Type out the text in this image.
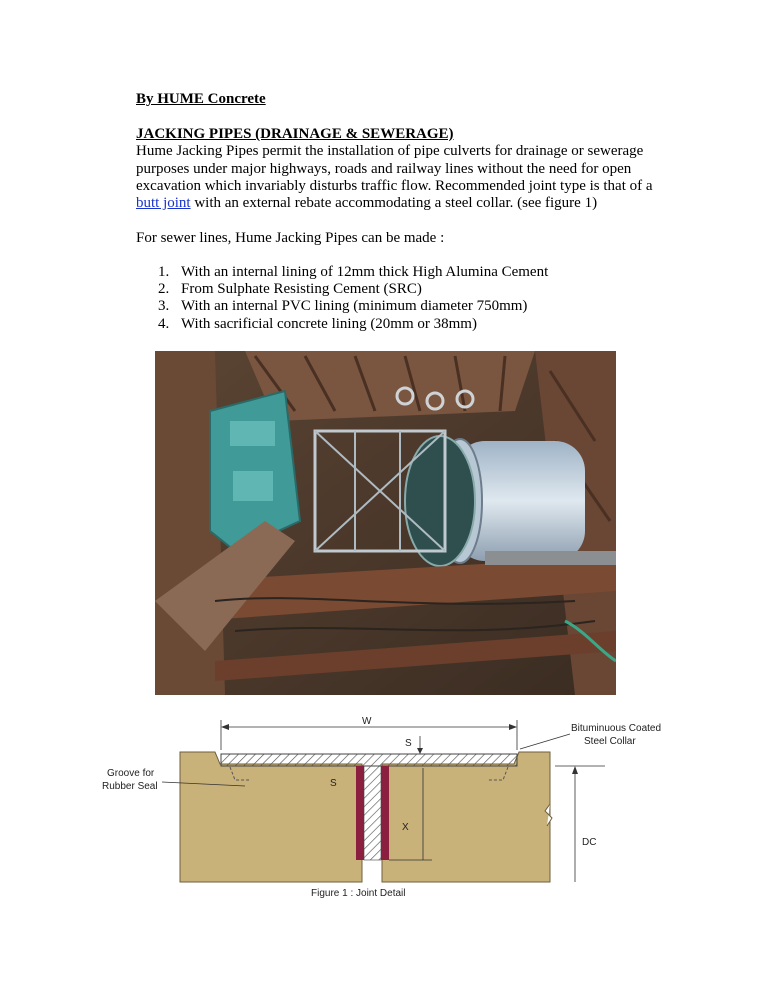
By HUME Concrete
JACKING PIPES (DRAINAGE & SEWERAGE)
Hume Jacking Pipes permit the installation of pipe culverts for drainage or sewerage
purposes under major highways, roads and railway lines without the need for open
excavation which invariably disturbs traffic flow. Recommended joint type is that of a
butt joint with an external rebate accommodating a steel collar. (see figure 1)
For sewer lines, Hume Jacking Pipes can be made :
1. With an internal lining of 12mm thick High Alumina Cement
2. From Sulphate Resisting Cement (SRC)
3. With an internal PVC lining (minimum diameter 750mm)
4. With sacrificial concrete lining (20mm or 38mm)
W
S
S
X
DC
Bituminuous Coated
Steel Collar
Groove for
Rubber Seal
Figure 1 : Joint Detail
